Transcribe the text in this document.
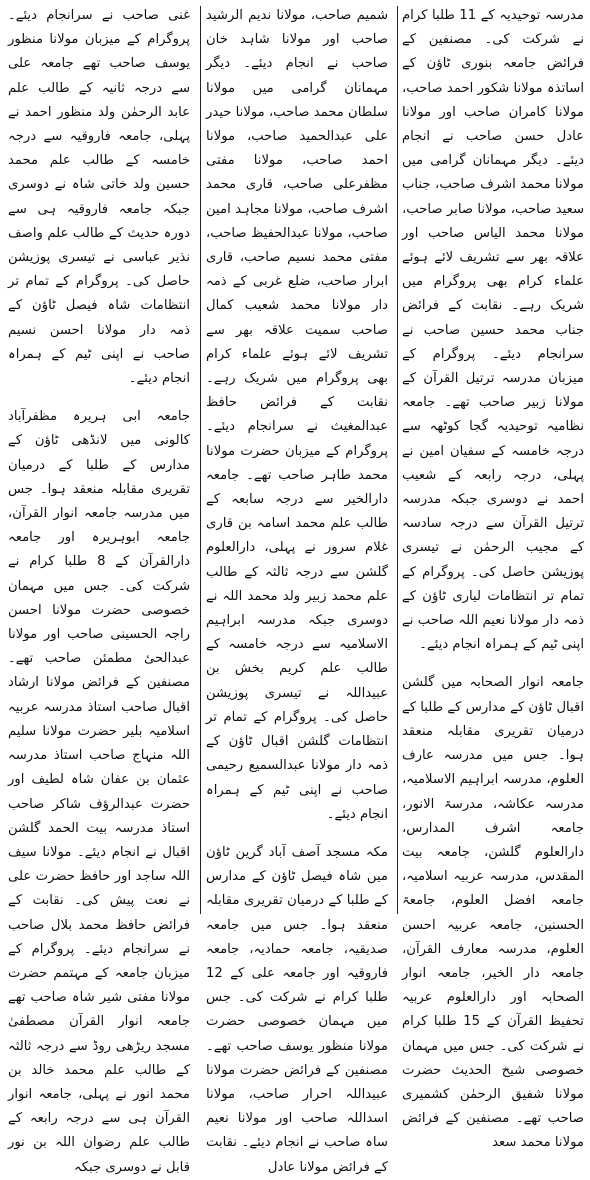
مدرسہ توحیدیہ کے 11 طلبا کرام نے شرکت کی۔ مصنفین کے فرائض جامعہ بنوری ٹاؤن کے اساتذہ مولانا شکور احمد صاحب، مولانا کامران صاحب اور مولانا عادل حسن صاحب نے انجام دیئے۔ دیگر مہمانان گرامی میں مولانا محمد اشرف صاحب، جناب سعید صاحب، مولانا صابر صاحب، مولانا محمد الیاس صاحب اور علاقہ بھر سے تشریف لائے ہوئے علماء کرام بھی پروگرام میں شریک رہے۔ نقابت کے فرائض جناب محمد حسین صاحب نے سرانجام دیئے۔ پروگرام کے میزبان مدرسہ ترتیل القرآن کے مولانا زبیر صاحب تھے۔ جامعہ نظامیہ توحیدیہ گجا کوٹھہ سے درجہ خامسہ کے سفیان امین نے پہلی، درجہ رابعہ کے شعیب احمد نے دوسری جبکہ مدرسہ ترتیل القرآن سے درجہ سادسہ کے مجیب الرحمٰن نے تیسری پوزیشن حاصل کی۔ پروگرام کے تمام تر انتظامات لیاری ٹاؤن کے ذمہ دار مولانا نعیم اللہ صاحب نے اپنی ٹیم کے ہمراہ انجام دیئے۔

جامعہ انوار الصحابہ میں گلشن اقبال ٹاؤن کے مدارس کے طلبا کے درمیان تقریری مقابلہ منعقد ہوا۔ جس میں مدرسہ عارف العلوم، مدرسہ ابراہیم الاسلامیہ، مدرسہ عکاشہ، مدرسۃ الانور، جامعہ اشرف المدارس، دارالعلوم گلشن، جامعہ بیت المقدس، مدرسہ عربیہ اسلامیہ، جامعہ افضل العلوم، جامعۃ الحسنین، جامعہ عربیہ احسن العلوم، مدرسہ معارف القرآن، جامعہ دار الخیر، جامعہ انوار الصحابہ اور دارالعلوم عربیہ تحفیظ القرآن کے 15 طلبا کرام نے شرکت کی۔ جس میں مہمان خصوصی شیخ الحدیث حضرت مولانا شفیق الرحمٰن کشمیری صاحب تھے۔ مصنفین کے فرائض مولانا محمد سعد

شمیم صاحب، مولانا ندیم الرشید صاحب اور مولانا شاہد خان صاحب نے انجام دیئے۔ دیگر مہمانان گرامی میں مولانا سلطان محمد صاحب، مولانا حیدر علی عبدالحمید صاحب، مولانا احمد صاحب، مولانا مفتی مظفرعلی صاحب، قاری محمد اشرف صاحب، مولانا مجاہد امین صاحب، مولانا عبدالحفیظ صاحب، مفتی محمد نسیم صاحب، قاری ابرار صاحب، ضلع غربی کے ذمہ دار مولانا محمد شعیب کمال صاحب سمیت علاقہ بھر سے تشریف لائے ہوئے علماء کرام بھی پروگرام میں شریک رہے۔ نقابت کے فرائض حافظ عبدالمغیث نے سرانجام دیئے۔ پروگرام کے میزبان حضرت مولانا محمد طاہر صاحب تھے۔ جامعہ دارالخیر سے درجہ سابعہ کے طالب علم محمد اسامہ بن قاری غلام سرور نے پہلی، دارالعلوم گلشن سے درجہ ثالثہ کے طالب علم محمد زبیر ولد محمد اللہ نے دوسری جبکہ مدرسہ ابراہیم الاسلامیہ سے درجہ خامسہ کے طالب علم کریم بخش بن عبیداللہ نے تیسری پوزیشن حاصل کی۔ پروگرام کے تمام تر انتظامات گلشن اقبال ٹاؤن کے ذمہ دار مولانا عبدالسمیع رحیمی صاحب نے اپنی ٹیم کے ہمراہ انجام دیئے۔

مکہ مسجد آصف آباد گرین ٹاؤن میں شاہ فیصل ٹاؤن کے مدارس کے طلبا کے درمیان تقریری مقابلہ منعقد ہوا۔ جس میں جامعہ صدیقیہ، جامعہ حمادیہ، جامعہ فاروقیہ اور جامعہ علی کے 12 طلبا کرام نے شرکت کی۔ جس میں مہمان خصوصی حضرت مولانا منظور یوسف صاحب تھے۔ مصنفین کے فرائض حضرت مولانا عبیداللہ احرار صاحب، مولانا اسداللہ صاحب اور مولانا نعیم ساہ صاحب نے انجام دیئے۔ نقابت کے فرائض مولانا عادل

غنی صاحب نے سرانجام دیئے۔ پروگرام کے میزبان مولانا منظور یوسف صاحب تھے جامعہ علی سے درجہ ثانیہ کے طالب علم عابد الرحمٰن ولد منظور احمد نے پہلی، جامعہ فاروقیہ سے درجہ خامسہ کے طالب علم محمد حسین ولد خاتی شاہ نے دوسری جبکہ جامعہ فاروقیہ ہی سے دورہ حدیث کے طالب علم واصف نذیر عباسی نے تیسری پوزیشن حاصل کی۔ پروگرام کے تمام تر انتظامات شاہ فیصل ٹاؤن کے ذمہ دار مولانا احسن نسیم صاحب نے اپنی ٹیم کے ہمراہ انجام دیئے۔

جامعہ ابی ہریرہ مظفرآباد کالونی میں لانڈھی ٹاؤن کے مدارس کے طلبا کے درمیان تقریری مقابلہ منعقد ہوا۔ جس میں مدرسہ جامعہ انوار القرآن، جامعہ ابوہریرہ اور جامعہ دارالقرآن کے 8 طلبا کرام نے شرکت کی۔ جس میں مہمان خصوصی حضرت مولانا احسن راجہ الحسینی صاحب اور مولانا عبدالحیٔ مطمئن صاحب تھے۔ مصنفین کے فرائض مولانا ارشاد اقبال صاحب استاذ مدرسہ عربیہ اسلامیہ بلیر حضرت مولانا سلیم اللہ منہاج صاحب استاذ مدرسہ عثمان بن عفان شاہ لطیف اور حضرت عبدالرؤف شاکر صاحب استاذ مدرسہ بیت الحمد گلشن اقبال نے انجام دیئے۔ مولانا سیف اللہ ساجد اور حافظ حضرت علی نے نعت پیش کی۔ نقابت کے فرائض حافظ محمد بلال صاحب نے سرانجام دیئے۔ پروگرام کے میزبان جامعہ کے مہتمم حضرت مولانا مفتی شیر شاہ صاحب تھے جامعہ انوار القرآن مصطفیٰ مسجد ریڑھی روڈ سے درجہ ثالثہ کے طالب علم محمد خالد بن محمد انور نے پہلی، جامعہ انوار القرآن ہی سے درجہ رابعہ کے طالب علم رضوان اللہ بن نور قابل نے دوسری جبکہ
